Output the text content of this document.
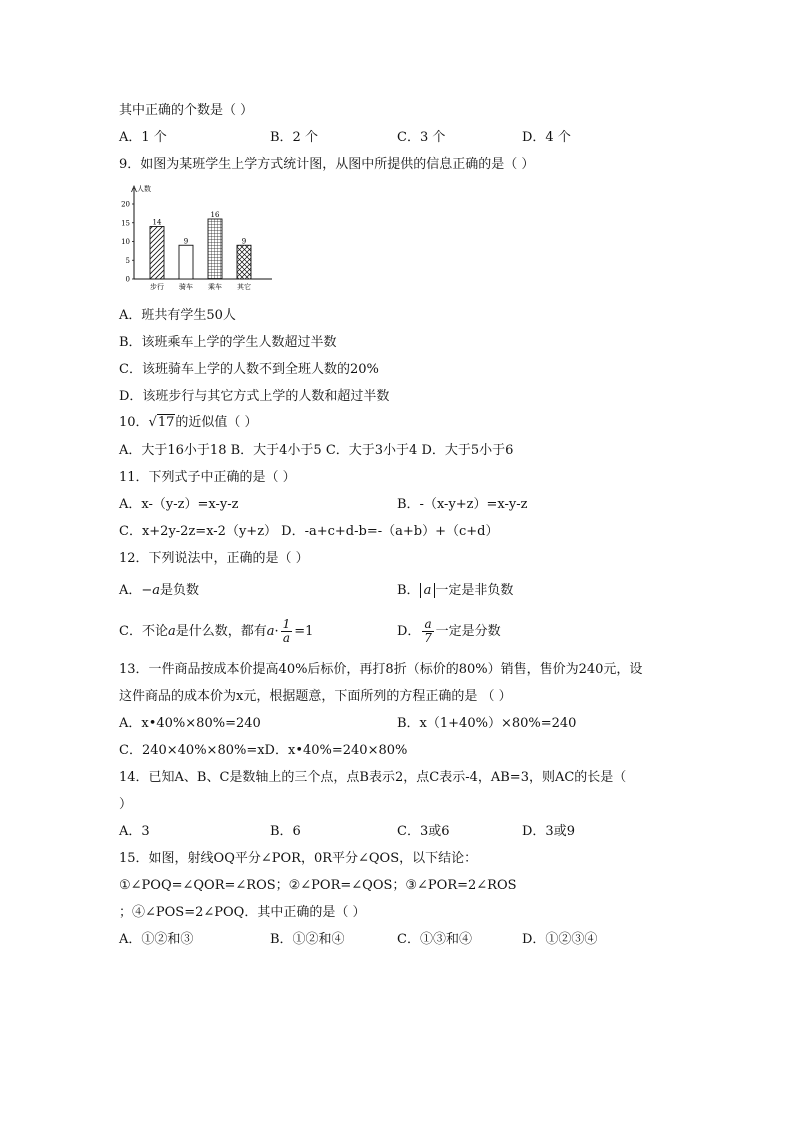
其中正确的个数是（ ）
A．1 个	B．2 个	C．3 个	D．4 个
9．如图为某班学生上学方式统计图，从图中所提供的信息正确的是（ ）
人数
0
5
10
15
20
14
步行
9
骑车
16
乘车
9
其它
A．班共有学生50人
B．该班乘车上学的学生人数超过半数
C．该班骑车上学的人数不到全班人数的20%
D．该班步行与其它方式上学的人数和超过半数
10．√17的近似值（ ）
A．大于16小于18 B．大于4小于5 C．大于3小于4 D．大于5小于6
11．下列式子中正确的是（ ）
A．x-（y-z）=x-y-z	B．-（x-y+z）=x-y-z
C．x+2y-2z=x-2（y+z） D．-a+c+d-b=-（a+b）+（c+d）
12．下列说法中，正确的是（ ）
A．−a是负数	B． a 一定是非负数
C．不论a是什么数，都有$a\cdot \frac{1}{a} =1$	D． $\frac{a}{7}$ 一定是分数
13．一件商品按成本价提高40%后标价，再打8折（标价的80%）销售，售价为240元，设
这件商品的成本价为x元，根据题意，下面所列的方程正确的是 （ ）
A．x•40%×80%=240	B．x（1+40%）×80%=240
C．240×40%×80%=xD．x•40%=240×80%
14．已知A、B、C是数轴上的三个点，点B表示2，点C表示-4，AB=3，则AC的长是（
）
A．3	B．6	C．3或6	D．3或9
15．如图，射线OQ平分∠POR，0R平分∠QOS，以下结论：
①∠POQ=∠QOR=∠ROS；②∠POR=∠QOS；③∠POR=2∠ROS
；④∠POS=2∠POQ．其中正确的是（ ）
A．①②和③	B．①②和④	C．①③和④	D．①②③④
